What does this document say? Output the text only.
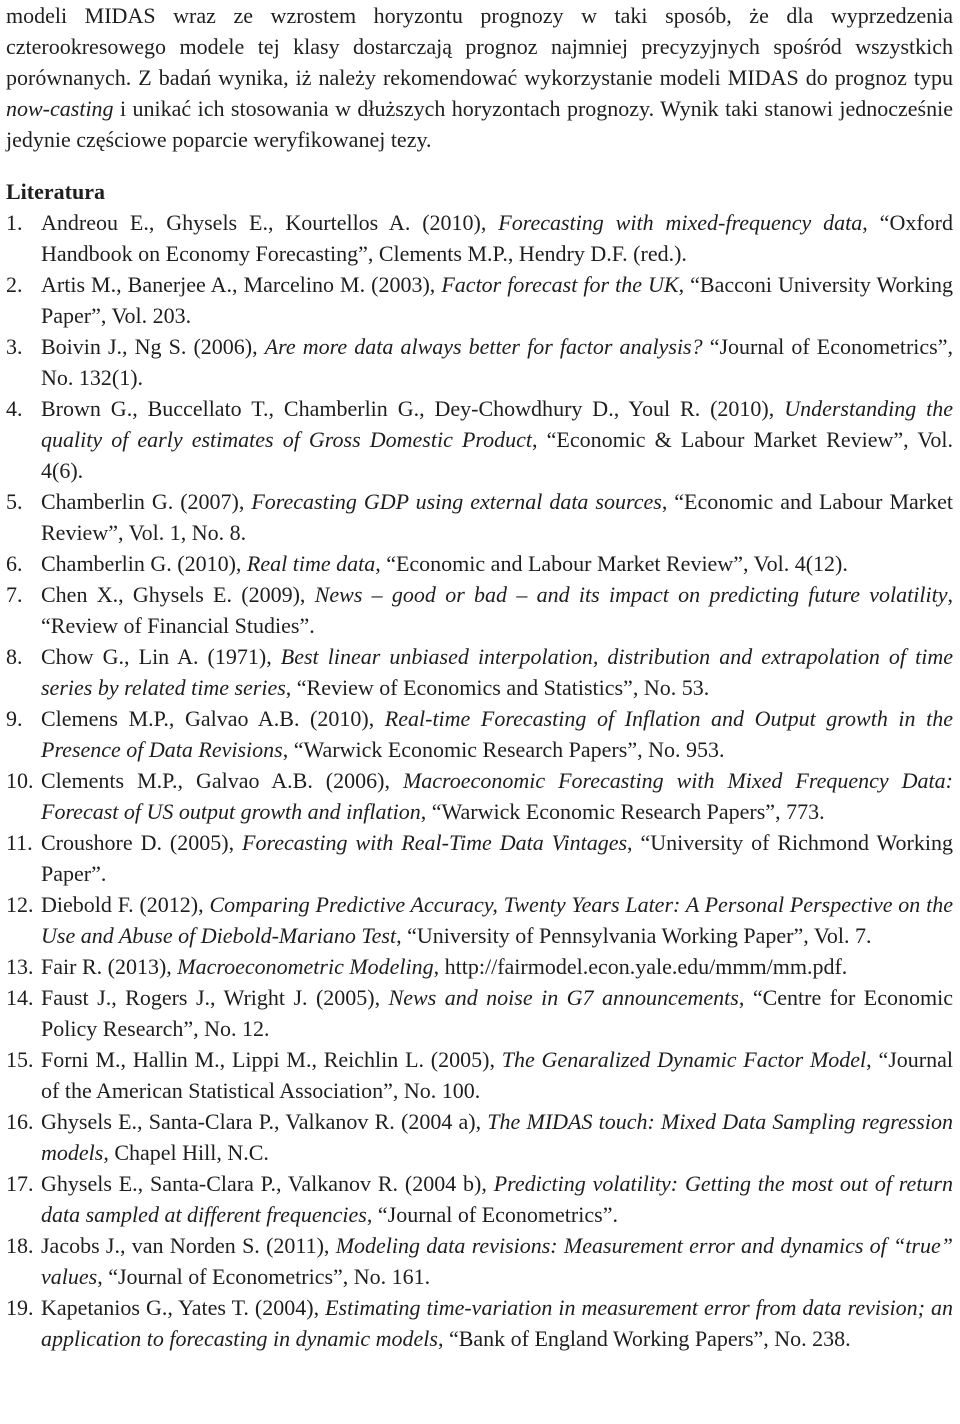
modeli MIDAS wraz ze wzrostem horyzontu prognozy w taki sposób, że dla wyprzedzenia czterookresowego modele tej klasy dostarczają prognoz najmniej precyzyjnych spośród wszystkich porównanych. Z badań wynika, iż należy rekomendować wykorzystanie modeli MIDAS do prognoz typu now-casting i unikać ich stosowania w dłuższych horyzontach prognozy. Wynik taki stanowi jednocześnie jedynie częściowe poparcie weryfikowanej tezy.

Literatura
1. Andreou E., Ghysels E., Kourtellos A. (2010), Forecasting with mixed-frequency data, “Oxford Handbook on Economy Forecasting”, Clements M.P., Hendry D.F. (red.).
2. Artis M., Banerjee A., Marcelino M. (2003), Factor forecast for the UK, “Bacconi University Working Paper”, Vol. 203.
3. Boivin J., Ng S. (2006), Are more data always better for factor analysis? “Journal of Econometrics”, No. 132(1).
4. Brown G., Buccellato T., Chamberlin G., Dey-Chowdhury D., Youl R. (2010), Understanding the quality of early estimates of Gross Domestic Product, “Economic & Labour Market Review”, Vol. 4(6).
5. Chamberlin G. (2007), Forecasting GDP using external data sources, “Economic and Labour Market Review”, Vol. 1, No. 8.
6. Chamberlin G. (2010), Real time data, “Economic and Labour Market Review”, Vol. 4(12).
7. Chen X., Ghysels E. (2009), News – good or bad – and its impact on predicting future volatility, “Review of Financial Studies”.
8. Chow G., Lin A. (1971), Best linear unbiased interpolation, distribution and extrapolation of time series by related time series, “Review of Economics and Statistics”, No. 53.
9. Clemens M.P., Galvao A.B. (2010), Real-time Forecasting of Inflation and Output growth in the Presence of Data Revisions, “Warwick Economic Research Papers”, No. 953.
10. Clements M.P., Galvao A.B. (2006), Macroeconomic Forecasting with Mixed Frequency Data: Forecast of US output growth and inflation, “Warwick Economic Research Papers”, 773.
11. Croushore D. (2005), Forecasting with Real-Time Data Vintages, “University of Richmond Working Paper”.
12. Diebold F. (2012), Comparing Predictive Accuracy, Twenty Years Later: A Personal Perspective on the Use and Abuse of Diebold-Mariano Test, “University of Pennsylvania Working Paper”, Vol. 7.
13. Fair R. (2013), Macroeconometric Modeling, http://fairmodel.econ.yale.edu/mmm/mm.pdf.
14. Faust J., Rogers J., Wright J. (2005), News and noise in G7 announcements, “Centre for Economic Policy Research”, No. 12.
15. Forni M., Hallin M., Lippi M., Reichlin L. (2005), The Genaralized Dynamic Factor Model, “Journal of the American Statistical Association”, No. 100.
16. Ghysels E., Santa-Clara P., Valkanov R. (2004 a), The MIDAS touch: Mixed Data Sampling regression models, Chapel Hill, N.C.
17. Ghysels E., Santa-Clara P., Valkanov R. (2004 b), Predicting volatility: Getting the most out of return data sampled at different frequencies, “Journal of Econometrics”.
18. Jacobs J., van Norden S. (2011), Modeling data revisions: Measurement error and dynamics of “true” values, “Journal of Econometrics”, No. 161.
19. Kapetanios G., Yates T. (2004), Estimating time-variation in measurement error from data revision; an application to forecasting in dynamic models, “Bank of England Working Papers”, No. 238.
